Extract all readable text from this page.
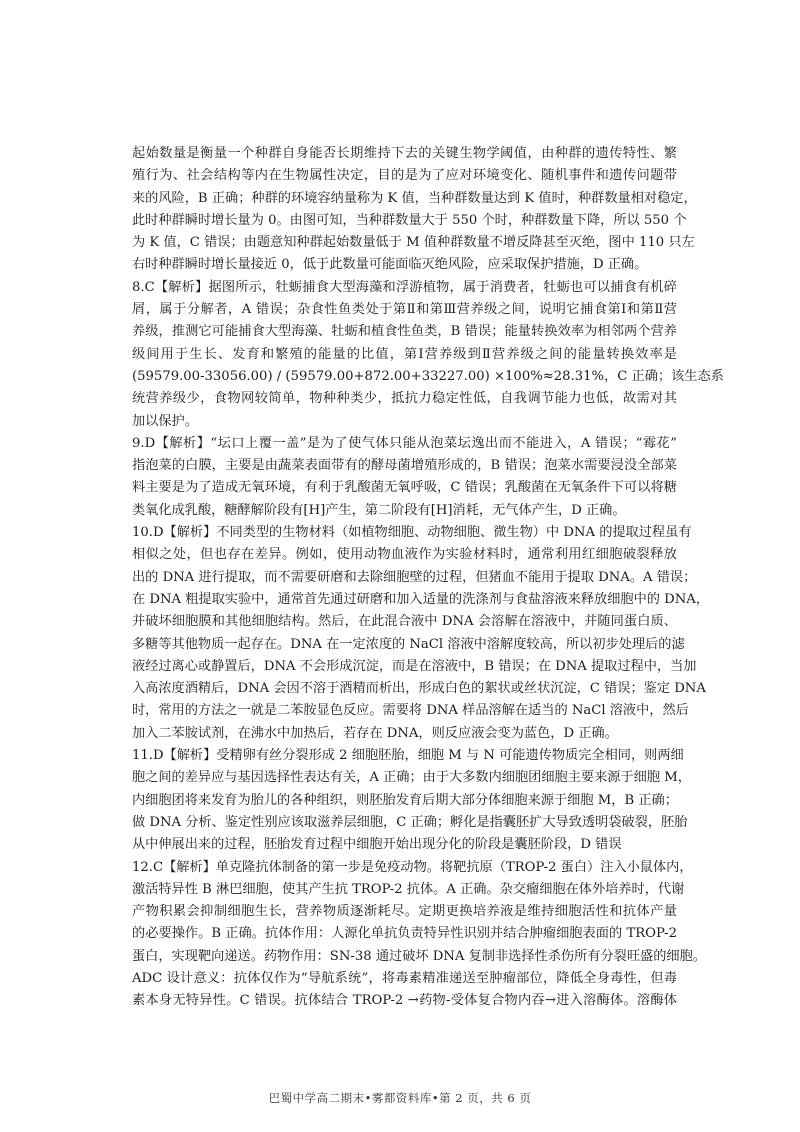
起始数量是衡量一个种群自身能否长期维持下去的关键生物学阈值，由种群的遗传特性、繁
殖行为、社会结构等内在生物属性决定，目的是为了应对环境变化、随机事件和遗传问题带
来的风险，B 正确；种群的环境容纳量称为 K 值，当种群数量达到 K 值时，种群数量相对稳定，
此时种群瞬时增长量为 0。由图可知，当种群数量大于 550 个时，种群数量下降，所以 550 个
为 K 值，C 错误；由题意知种群起始数量低于 M 值种群数量不增反降甚至灭绝，图中 110 只左
右时种群瞬时增长量接近 0，低于此数量可能面临灭绝风险，应采取保护措施，D 正确。
8.C【解析】据图所示，牡蛎捕食大型海藻和浮游植物，属于消费者，牡蛎也可以捕食有机碎
屑，属于分解者，A 错误；杂食性鱼类处于第Ⅱ和第Ⅲ营养级之间，说明它捕食第Ⅰ和第Ⅱ营
养级，推测它可能捕食大型海藻、牡蛎和植食性鱼类，B 错误；能量转换效率为相邻两个营养
级间用于生长、发育和繁殖的能量的比值，第Ⅰ营养级到Ⅱ营养级之间的能量转换效率是
(59579.00-33056.00) / (59579.00+872.00+33227.00) ×100%≈28.31%，C 正确；该生态系
统营养级少，食物网较简单，物种种类少，抵抗力稳定性低，自我调节能力也低，故需对其
加以保护。
9.D【解析】“坛口上覆一盖”是为了使气体只能从泡菜坛逸出而不能进入，A 错误；“霉花”
指泡菜的白膜，主要是由蔬菜表面带有的酵母菌增殖形成的，B 错误；泡菜水需要浸没全部菜
料主要是为了造成无氧环境，有利于乳酸菌无氧呼吸，C 错误；乳酸菌在无氧条件下可以将糖
类氧化成乳酸，糖酵解阶段有[H]产生，第二阶段有[H]消耗，无气体产生，D 正确。
10.D【解析】不同类型的生物材料（如植物细胞、动物细胞、微生物）中 DNA 的提取过程虽有
相似之处，但也存在差异。例如，使用动物血液作为实验材料时，通常利用红细胞破裂释放
出的 DNA 进行提取，而不需要研磨和去除细胞壁的过程，但猪血不能用于提取 DNA。A 错误；
在 DNA 粗提取实验中，通常首先通过研磨和加入适量的洗涤剂与食盐溶液来释放细胞中的 DNA，
并破坏细胞膜和其他细胞结构。然后，在此混合液中 DNA 会溶解在溶液中，并随同蛋白质、
多糖等其他物质一起存在。DNA 在一定浓度的 NaCl 溶液中溶解度较高，所以初步处理后的滤
液经过离心或静置后，DNA 不会形成沉淀，而是在溶液中，B 错误；在 DNA 提取过程中，当加
入高浓度酒精后，DNA 会因不溶于酒精而析出，形成白色的絮状或丝状沉淀，C 错误；鉴定 DNA
时，常用的方法之一就是二苯胺显色反应。需要将 DNA 样品溶解在适当的 NaCl 溶液中，然后
加入二苯胺试剂，在沸水中加热后，若存在 DNA，则反应液会变为蓝色，D 正确。
11.D【解析】受精卵有丝分裂形成 2 细胞胚胎，细胞 M 与 N 可能遗传物质完全相同，则两细
胞之间的差异应与基因选择性表达有关，A 正确；由于大多数内细胞团细胞主要来源于细胞 M，
内细胞团将来发育为胎儿的各种组织，则胚胎发育后期大部分体细胞来源于细胞 M，B 正确；
做 DNA 分析、鉴定性别应该取滋养层细胞，C 正确；孵化是指囊胚扩大导致透明袋破裂，胚胎
从中伸展出来的过程，胚胎发育过程中细胞开始出现分化的阶段是囊胚阶段，D 错误
12.C【解析】单克隆抗体制备的第一步是免疫动物。将靶抗原（TROP-2 蛋白）注入小鼠体内，
激活特异性 B 淋巴细胞，使其产生抗 TROP-2 抗体。A 正确。杂交瘤细胞在体外培养时，代谢
产物积累会抑制细胞生长，营养物质逐渐耗尽。定期更换培养液是维持细胞活性和抗体产量
的必要操作。B 正确。抗体作用：人源化单抗负责特异性识别并结合肿瘤细胞表面的 TROP-2
蛋白，实现靶向递送。药物作用：SN-38 通过破坏 DNA 复制非选择性杀伤所有分裂旺盛的细胞。
ADC 设计意义：抗体仅作为“导航系统”，将毒素精准递送至肿瘤部位，降低全身毒性，但毒
素本身无特异性。C 错误。抗体结合 TROP-2 →药物-受体复合物内吞→进入溶酶体。溶酶体
巴蜀中学高二期末•雾都资料库•第 2 页，共 6 页
